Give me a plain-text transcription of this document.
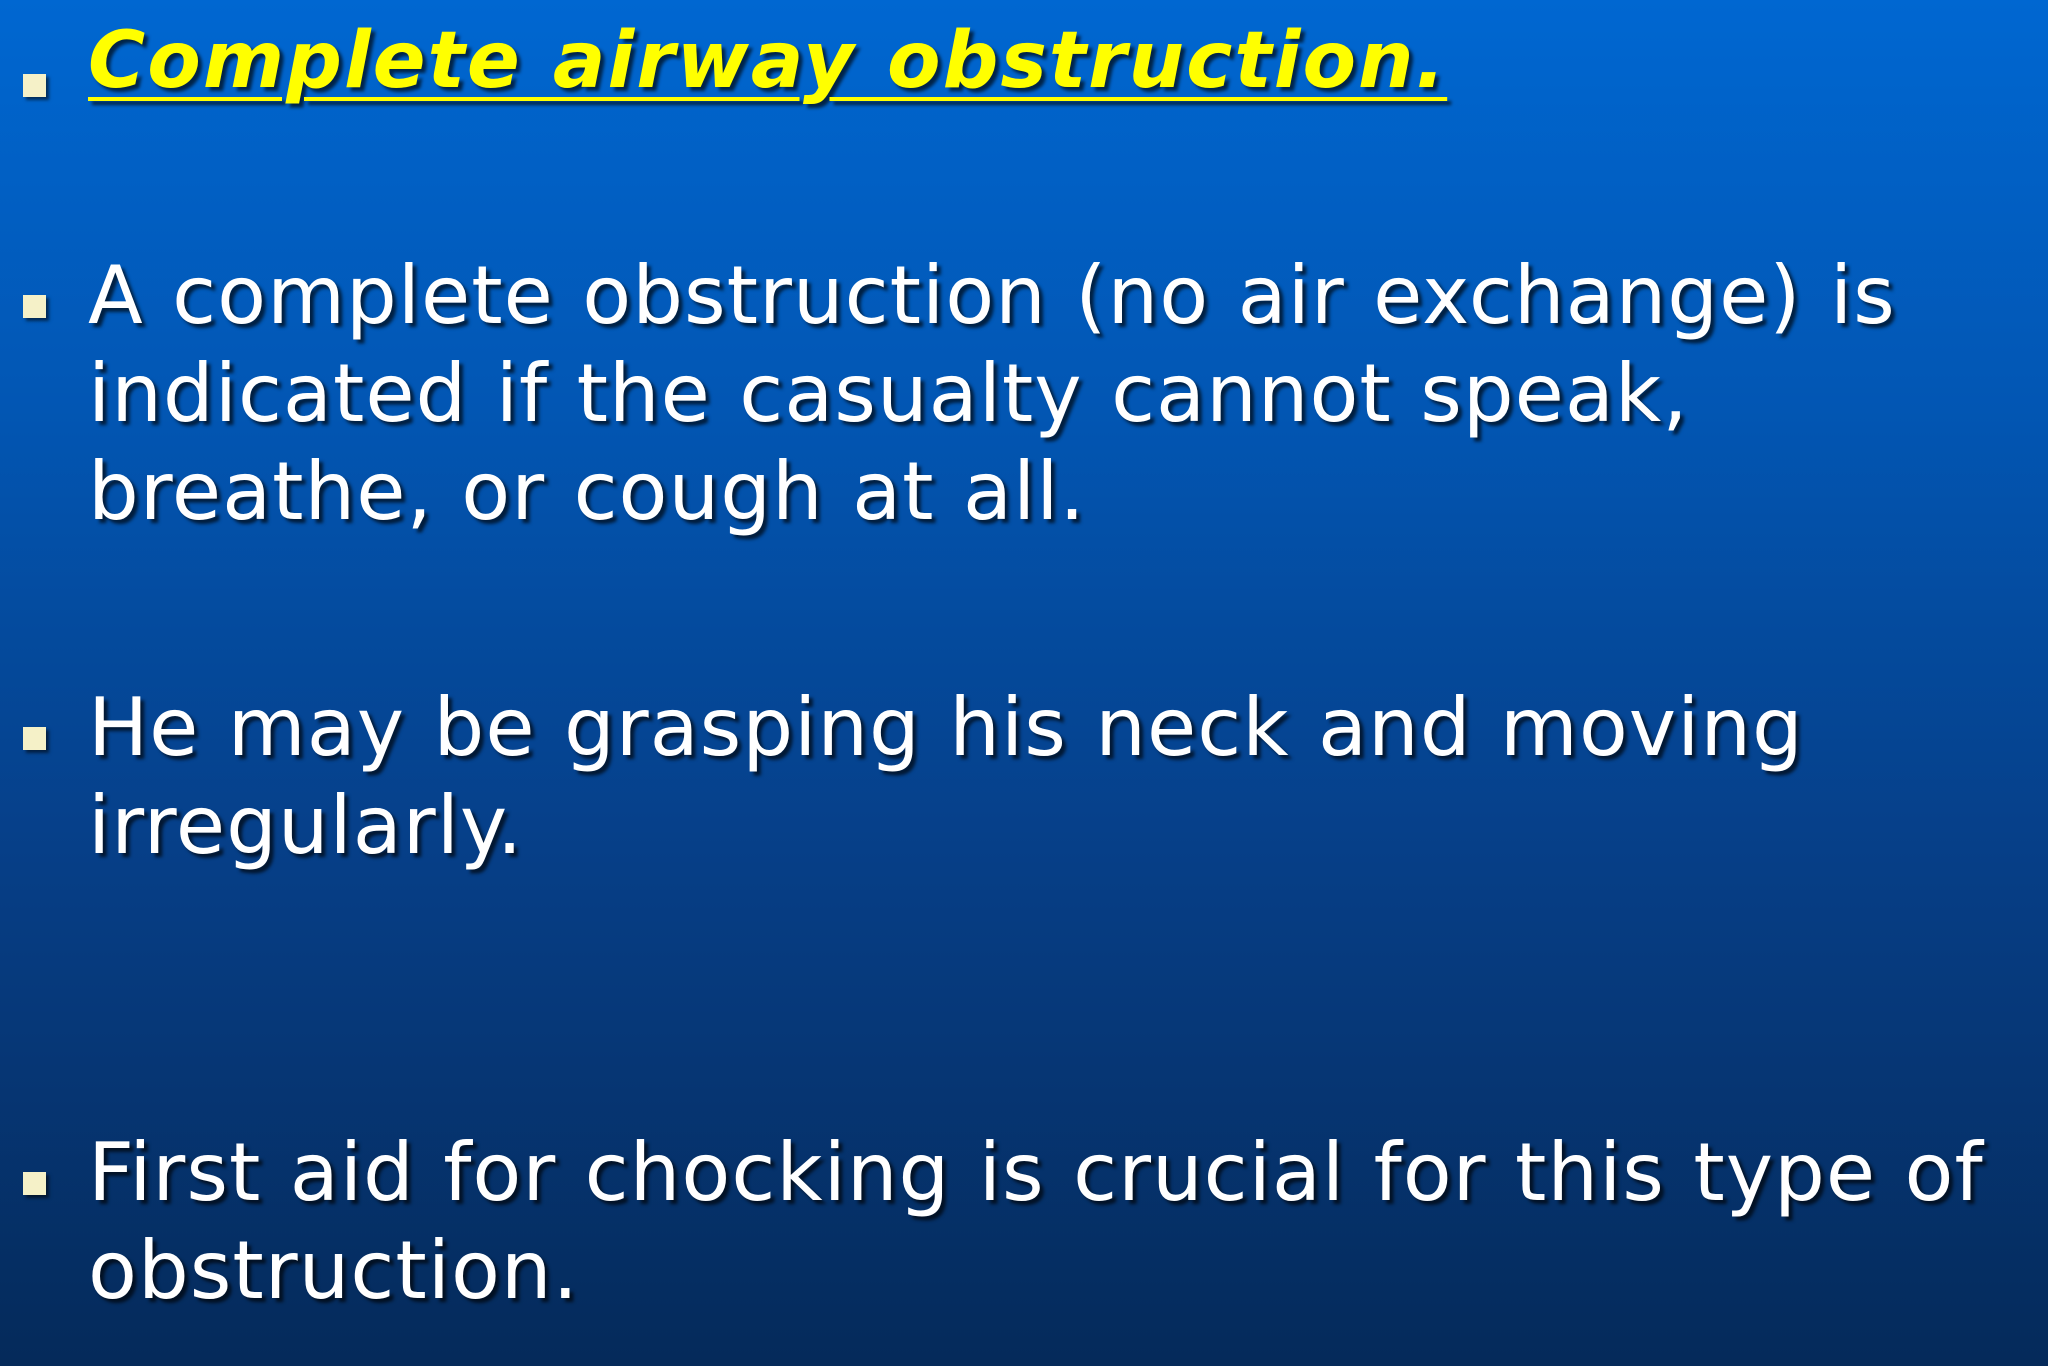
Complete airway obstruction.
A complete obstruction (no air exchange) is indicated if the casualty cannot speak, breathe, or cough at all.
He may be grasping his neck and moving irregularly.
First aid for chocking is crucial for this type of obstruction.
